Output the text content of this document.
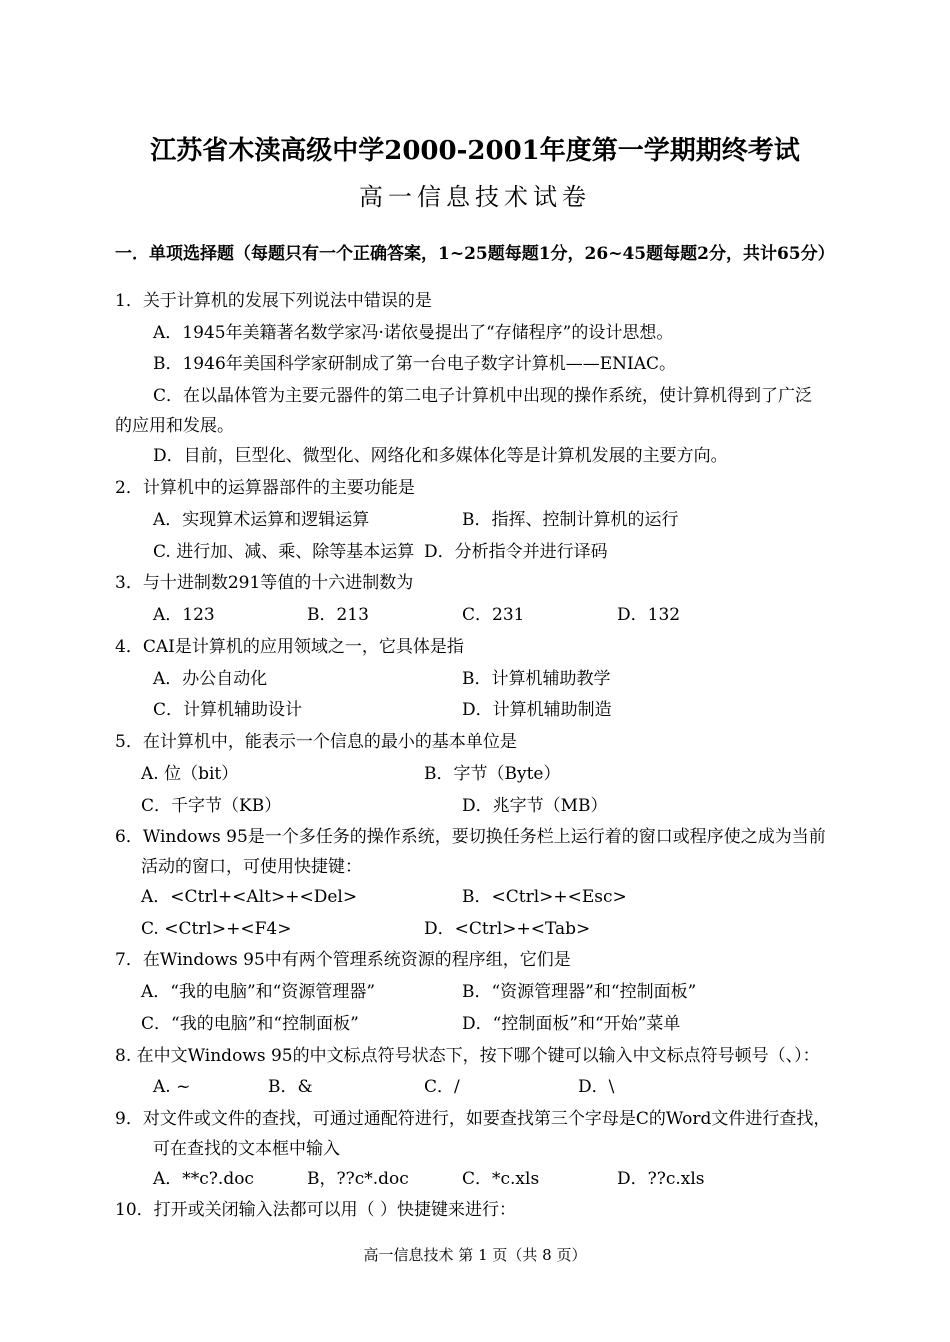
江苏省木渎高级中学2000-2001年度第一学期期终考试
高一信息技术试卷
一．单项选择题（每题只有一个正确答案，1~25题每题1分，26~45题每题2分，共计65分）
1．关于计算机的发展下列说法中错误的是
A．1945年美籍著名数学家冯·诺依曼提出了“存储程序”的设计思想。
B．1946年美国科学家研制成了第一台电子数字计算机——ENIAC。
C．在以晶体管为主要元器件的第二电子计算机中出现的操作系统，使计算机得到了广泛
的应用和发展。
D．目前，巨型化、微型化、网络化和多媒体化等是计算机发展的主要方向。
2．计算机中的运算器部件的主要功能是
A．实现算术运算和逻辑运算	B．指挥、控制计算机的运行
C. 进行加、减、乘、除等基本运算 D．分析指令并进行译码
3．与十进制数291等值的十六进制数为
A．123	B．213	C．231	D．132
4．CAI是计算机的应用领域之一，它具体是指
A．办公自动化	B．计算机辅助教学
C．计算机辅助设计	D．计算机辅助制造
5．在计算机中，能表示一个信息的最小的基本单位是
A. 位（bit）	B．字节（Byte）
C．千字节（KB）	D．兆字节（MB）
6．Windows 95是一个多任务的操作系统，要切换任务栏上运行着的窗口或程序使之成为当前
活动的窗口，可使用快捷键：
A．<Ctrl+<Alt>+<Del>	B．<Ctrl>+<Esc>
C. <Ctrl>+<F4>	D．<Ctrl>+<Tab>
7．在Windows 95中有两个管理系统资源的程序组，它们是
A．“我的电脑”和“资源管理器”	B．“资源管理器”和“控制面板”
C．“我的电脑”和“控制面板”	D．“控制面板”和“开始”菜单
8. 在中文Windows 95的中文标点符号状态下，按下哪个键可以输入中文标点符号顿号（、）：
A. ~	B．&	C．/	D．\
9．对文件或文件的查找，可通过通配符进行，如要查找第三个字母是C的Word文件进行查找，
可在查找的文本框中输入
A．**c?.doc	B，??c*.doc	C．*c.xls	D．??c.xls
10．打开或关闭输入法都可以用（ ）快捷键来进行：
高一信息技术 第 1 页（共 8 页）
